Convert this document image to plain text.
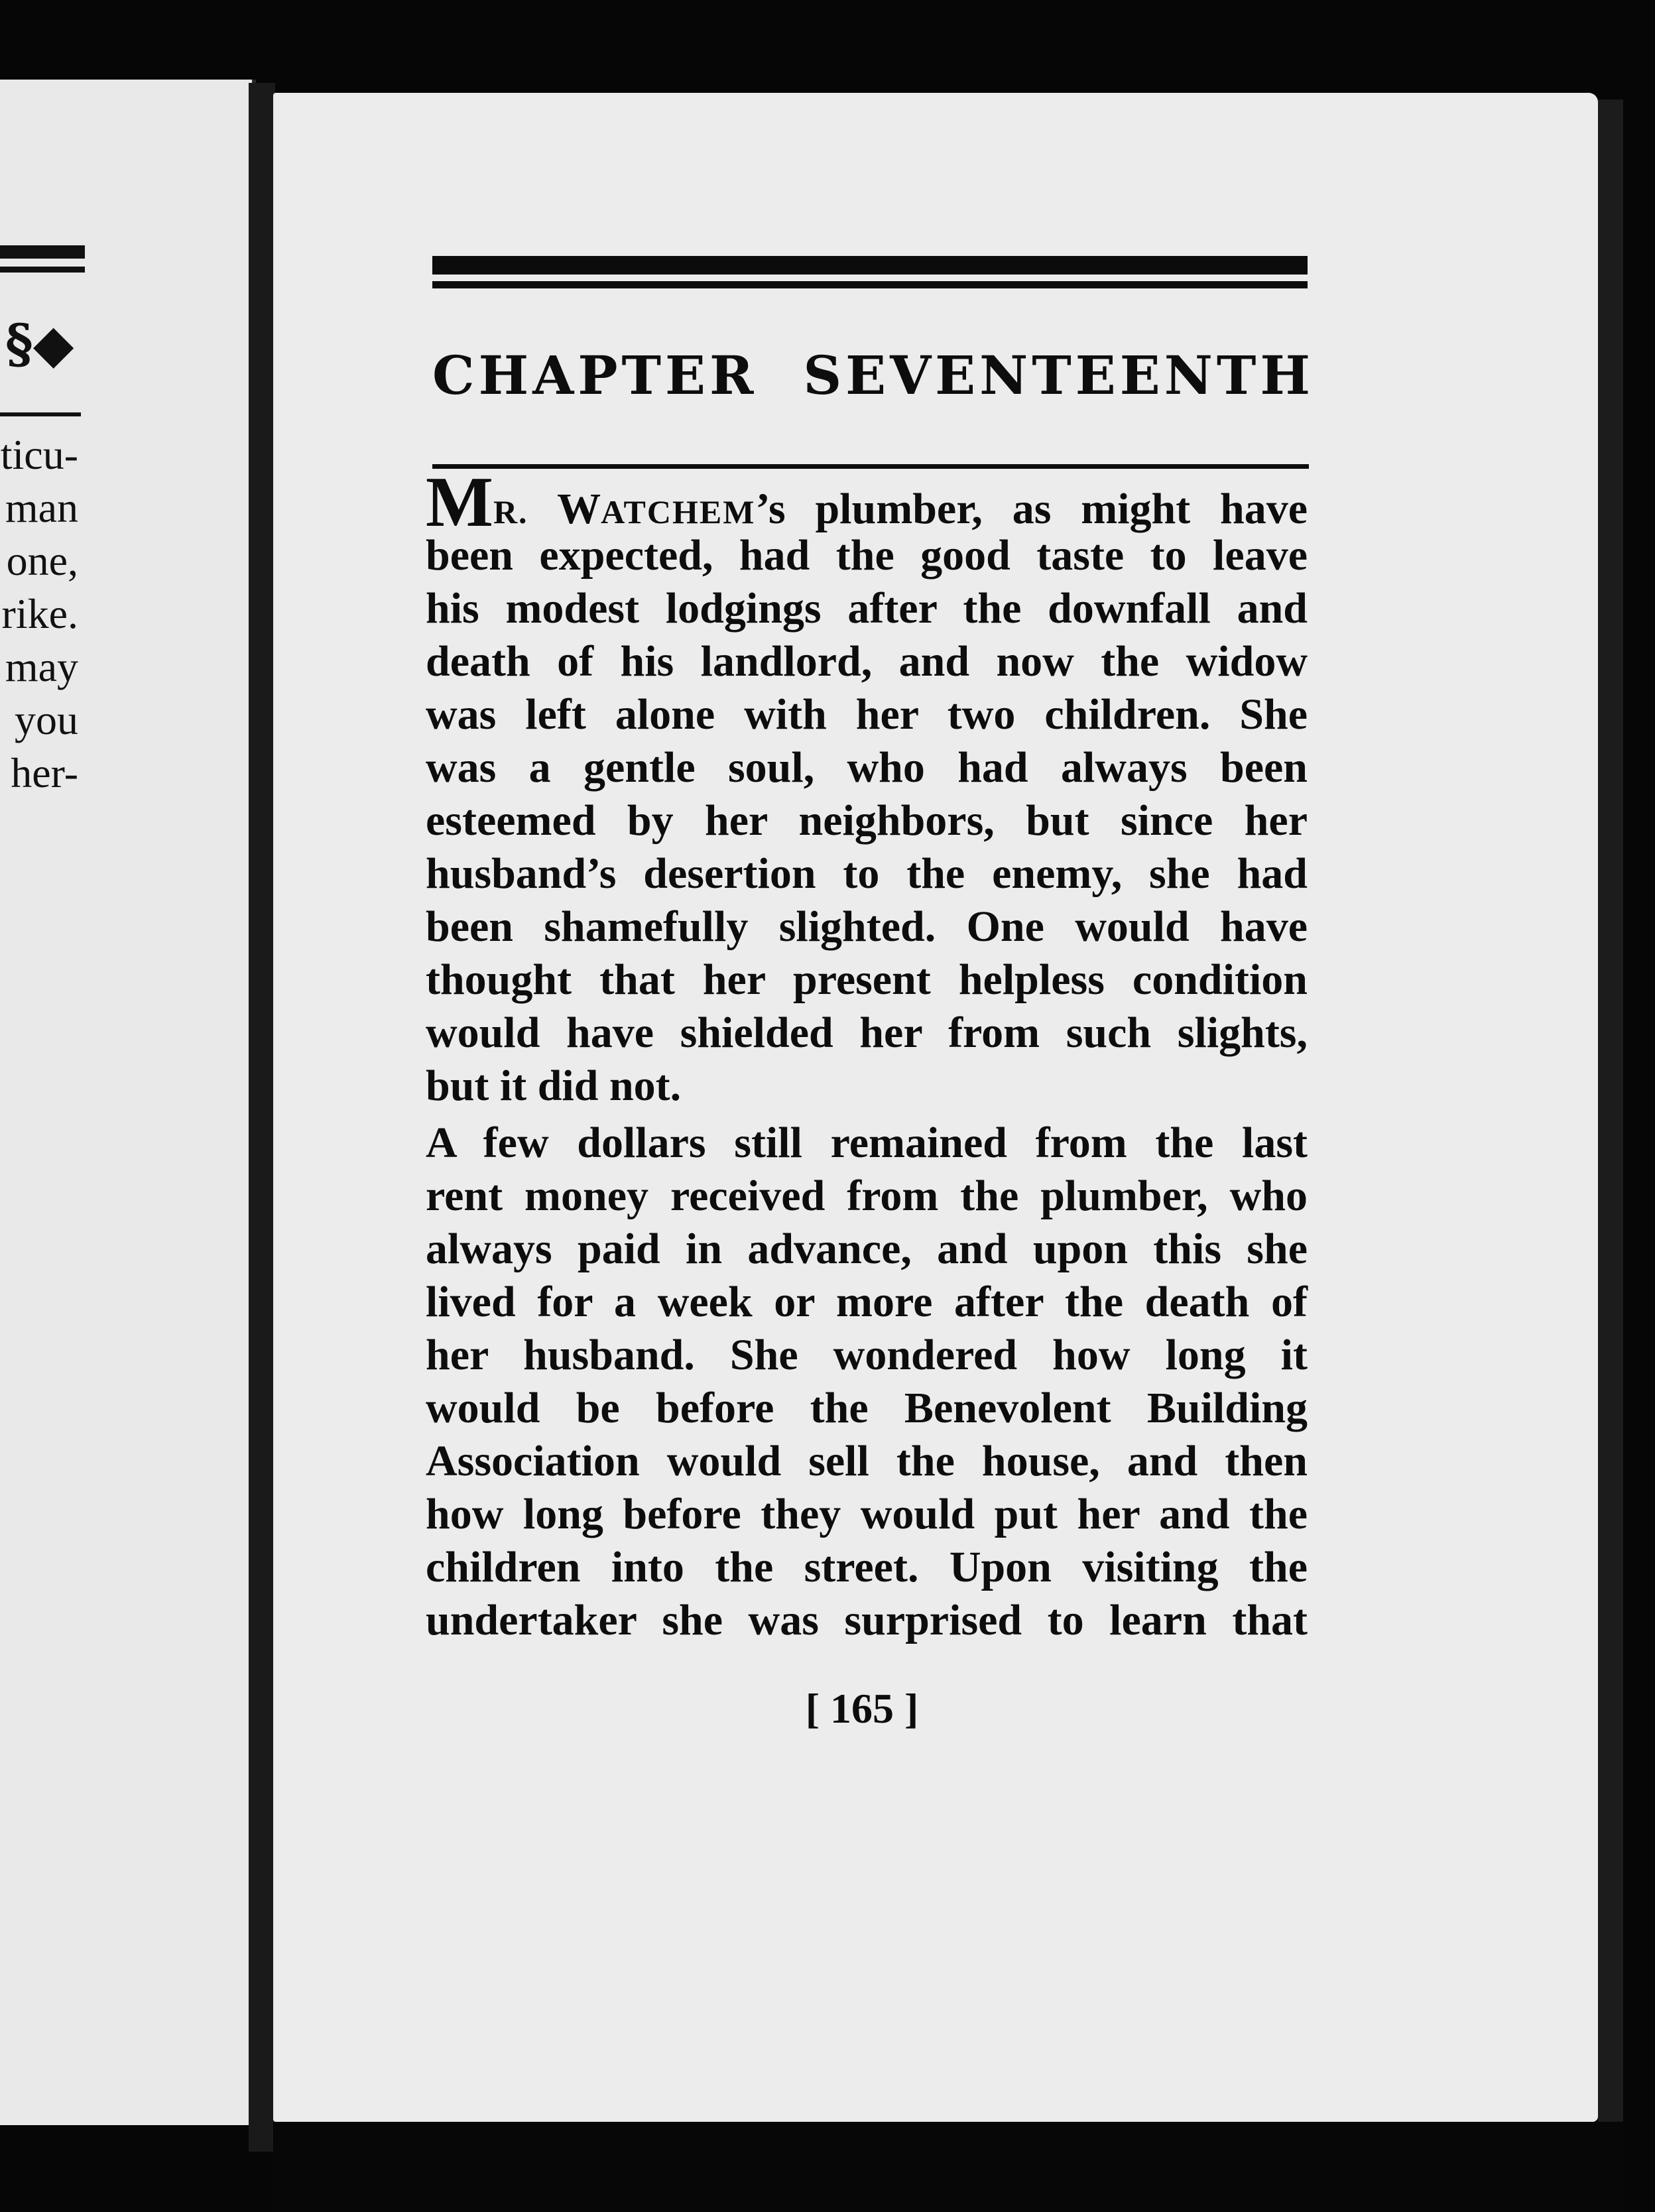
§◆
ticu-
man
one,
rike.
may
you
her-
CHAPTER SEVENTEENTH
MR. WATCHEM’s plumber, as might have
been expected, had the good taste to leave
his modest lodgings after the downfall and
death of his landlord, and now the widow
was left alone with her two children. She
was a gentle soul, who had always been
esteemed by her neighbors, but since her
husband’s desertion to the enemy, she had
been shamefully slighted. One would have
thought that her present helpless condition
would have shielded her from such slights,
but it did not.
A few dollars still remained from the last
rent money received from the plumber, who
always paid in advance, and upon this she
lived for a week or more after the death of
her husband. She wondered how long it
would be before the Benevolent Building
Association would sell the house, and then
how long before they would put her and the
children into the street. Upon visiting the
undertaker she was surprised to learn that
[ 165 ]
